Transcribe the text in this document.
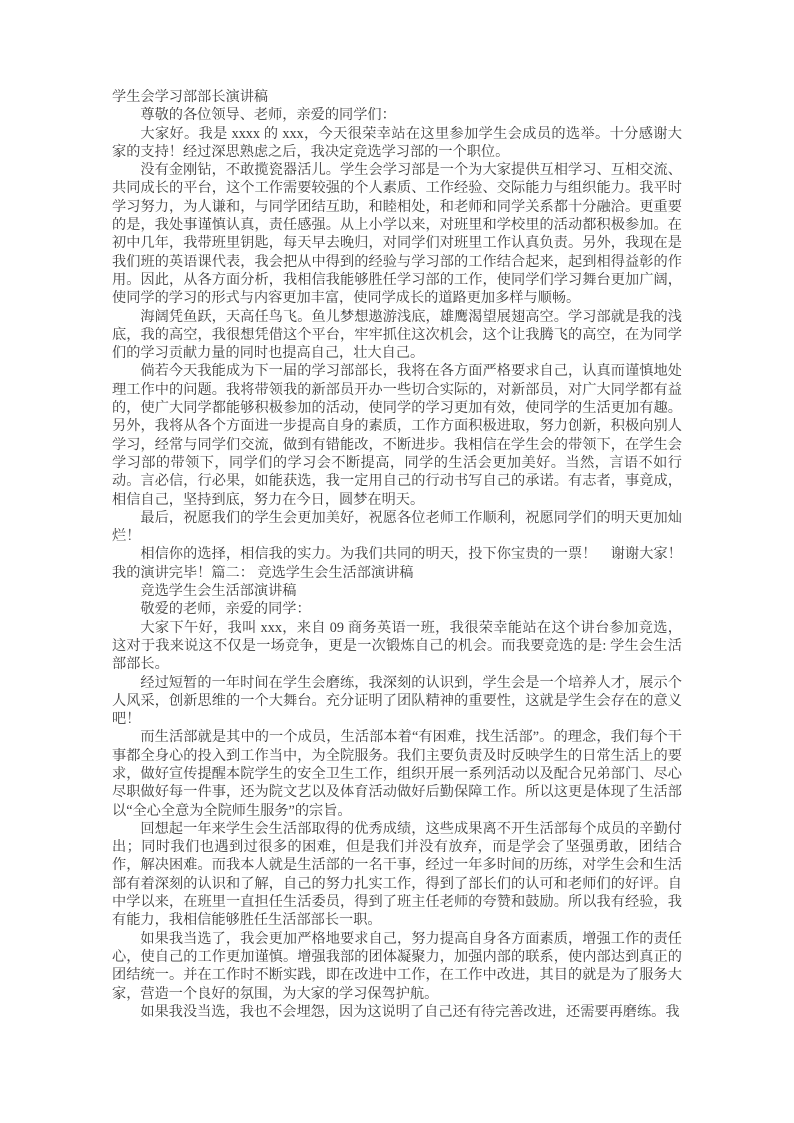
学生会学习部部长演讲稿

尊敬的各位领导、老师，亲爱的同学们：

大家好。我是 xxxx 的 xxx，今天很荣幸站在这里参加学生会成员的选举。十分感谢大家的支持！经过深思熟虑之后，我决定竞选学习部的一个职位。

没有金刚钻，不敢揽瓷器活儿。学生会学习部是一个为大家提供互相学习、互相交流、共同成长的平台，这个工作需要较强的个人素质、工作经验、交际能力与组织能力。我平时学习努力，为人谦和，与同学团结互助，和睦相处，和老师和同学关系都十分融洽。更重要的是，我处事谨慎认真，责任感强。从上小学以来，对班里和学校里的活动都积极参加。在初中几年，我带班里钥匙，每天早去晚归，对同学们对班里工作认真负责。另外，我现在是我们班的英语课代表，我会把从中得到的经验与学习部的工作结合起来，起到相得益彰的作用。因此，从各方面分析，我相信我能够胜任学习部的工作，使同学们学习舞台更加广阔，使同学的学习的形式与内容更加丰富，使同学成长的道路更加多样与顺畅。

海阔凭鱼跃，天高任鸟飞。鱼儿梦想遨游浅底，雄鹰渴望展翅高空。学习部就是我的浅底，我的高空，我很想凭借这个平台，牢牢抓住这次机会，这个让我腾飞的高空，在为同学们的学习贡献力量的同时也提高自己，壮大自己。

倘若今天我能成为下一届的学习部部长，我将在各方面严格要求自己，认真而谨慎地处理工作中的问题。我将带领我的新部员开办一些切合实际的，对新部员，对广大同学都有益的，使广大同学都能够积极参加的活动，使同学的学习更加有效，使同学的生活更加有趣。另外，我将从各个方面进一步提高自身的素质，工作方面积极进取，努力创新，积极向别人学习，经常与同学们交流，做到有错能改，不断进步。我相信在学生会的带领下，在学生会学习部的带领下，同学们的学习会不断提高，同学的生活会更加美好。当然，言语不如行动。言必信，行必果，如能获选，我一定用自己的行动书写自己的承诺。有志者，事竟成，相信自己，坚持到底，努力在今日，圆梦在明天。

最后，祝愿我们的学生会更加美好，祝愿各位老师工作顺利，祝愿同学们的明天更加灿烂！

相信你的选择，相信我的实力。为我们共同的明天，投下你宝贵的一票！　谢谢大家！我的演讲完毕！篇二： 竞选学生会生活部演讲稿

竞选学生会生活部演讲稿

敬爱的老师，亲爱的同学：

大家下午好，我叫 xxx，来自 09 商务英语一班，我很荣幸能站在这个讲台参加竞选，这对于我来说这不仅是一场竞争，更是一次锻炼自己的机会。而我要竞选的是: 学生会生活部部长。

经过短暂的一年时间在学生会磨练，我深刻的认识到，学生会是一个培养人才，展示个人风采，创新思维的一个大舞台。充分证明了团队精神的重要性，这就是学生会存在的意义吧！

而生活部就是其中的一个成员，生活部本着“有困难，找生活部”。的理念，我们每个干事都全身心的投入到工作当中，为全院服务。我们主要负责及时反映学生的日常生活上的要求，做好宣传提醒本院学生的安全卫生工作，组织开展一系列活动以及配合兄弟部门、尽心尽职做好每一件事，还为院文艺以及体育活动做好后勤保障工作。所以这更是体现了生活部以“全心全意为全院师生服务”的宗旨。

回想起一年来学生会生活部取得的优秀成绩，这些成果离不开生活部每个成员的辛勤付出；同时我们也遇到过很多的困难，但是我们并没有放弃，而是学会了坚强勇敢，团结合作，解决困难。而我本人就是生活部的一名干事，经过一年多时间的历练，对学生会和生活部有着深刻的认识和了解，自己的努力扎实工作，得到了部长们的认可和老师们的好评。自中学以来，在班里一直担任生活委员，得到了班主任老师的夸赞和鼓励。所以我有经验，我有能力，我相信能够胜任生活部部长一职。

如果我当选了，我会更加严格地要求自己，努力提高自身各方面素质，增强工作的责任心，使自己的工作更加谨慎。增强我部的团体凝聚力，加强内部的联系，使内部达到真正的团结统一。并在工作时不断实践，即在改进中工作，在工作中改进，其目的就是为了服务大家，营造一个良好的氛围，为大家的学习保驾护航。

如果我没当选，我也不会埋怨，因为这说明了自己还有待完善改进，还需要再磨练。我
